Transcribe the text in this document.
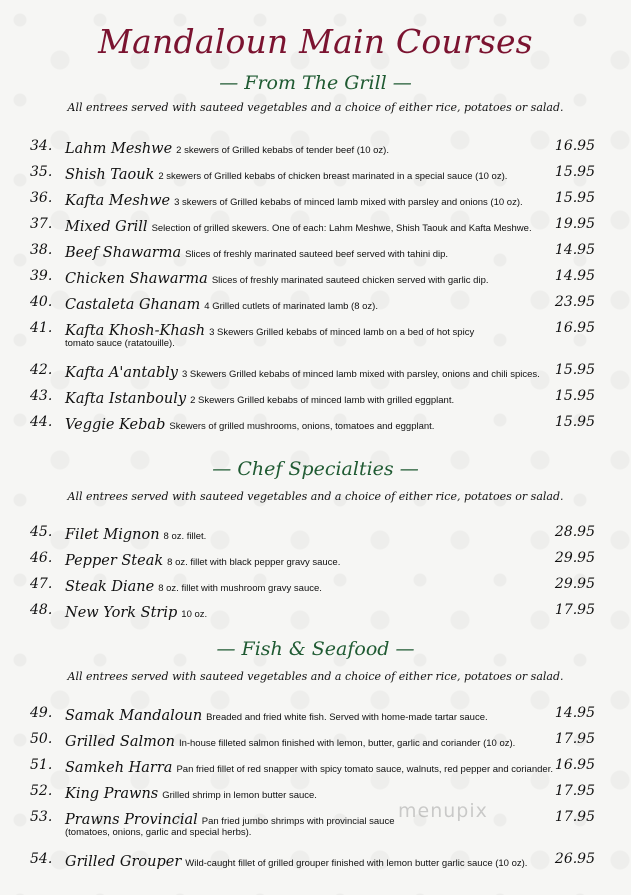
Mandaloun Main Courses
menupix
— From The Grill —
All entrees served with sauteed vegetables and a choice of either rice, potatoes or salad.
34. Lahm Meshwe 2 skewers of Grilled kebabs of tender beef (10 oz).	16.95
35. Shish Taouk 2 skewers of Grilled kebabs of chicken breast marinated in a special sauce (10 oz).	15.95
36. Kafta Meshwe 3 skewers of Grilled kebabs of minced lamb mixed with parsley and onions (10 oz). 15.95
37. Mixed Grill Selection of grilled skewers. One of each: Lahm Meshwe, Shish Taouk and Kafta Meshwe. 19.95
38. Beef Shawarma Slices of freshly marinated sauteed beef served with tahini dip.	14.95
39. Chicken Shawarma Slices of freshly marinated sauteed chicken served with garlic dip.	14.95
40. Castaleta Ghanam 4 Grilled cutlets of marinated lamb (8 oz).	23.95
41. Kafta Khosh-Khash 3 Skewers Grilled kebabs of minced lamb on a bed of hot spicy
tomato sauce (ratatouille).
16.95
42. Kafta A'antably 3 Skewers Grilled kebabs of minced lamb mixed with parsley, onions and chili spices. 15.95
43. Kafta Istanbouly 2 Skewers Grilled kebabs of minced lamb with grilled eggplant.	15.95
44. Veggie Kebab Skewers of grilled mushrooms, onions, tomatoes and eggplant.	15.95
— Chef Specialties —
All entrees served with sauteed vegetables and a choice of either rice, potatoes or salad.
45. Filet Mignon 8 oz. fillet.	28.95
46. Pepper Steak 8 oz. fillet with black pepper gravy sauce.	29.95
47. Steak Diane 8 oz. fillet with mushroom gravy sauce.	29.95
48. New York Strip 10 oz.	17.95
— Fish & Seafood —
All entrees served with sauteed vegetables and a choice of either rice, potatoes or salad.
49. Samak Mandaloun Breaded and fried white fish. Served with home-made tartar sauce.	14.95
50. Grilled Salmon In-house filleted salmon finished with lemon, butter, garlic and coriander (10 oz).	17.95
51. Samkeh Harra Pan fried fillet of red snapper with spicy tomato sauce, walnuts, red pepper and coriander. 16.95
52. King Prawns Grilled shrimp in lemon butter sauce.	17.95
53. Prawns Provincial Pan fried jumbo shrimps with provincial sauce
(tomatoes, onions, garlic and special herbs).
17.95
54. Grilled Grouper Wild-caught fillet of grilled grouper finished with lemon butter garlic sauce (10 oz). 26.95
